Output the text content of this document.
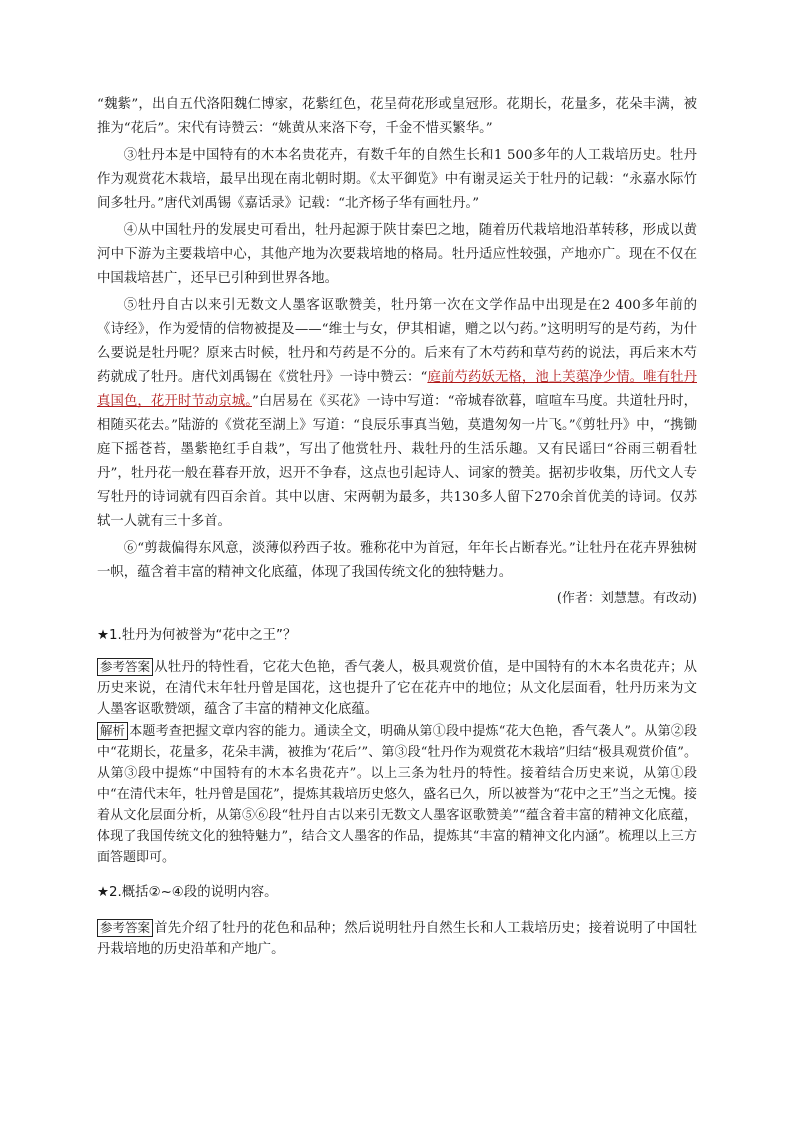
“魏紫”，出自五代洛阳魏仁博家，花紫红色，花呈荷花形或皇冠形。花期长，花量多，花朵丰满，被推为“花后”。宋代有诗赞云：“姚黄从来洛下夸，千金不惜买繁华。”

③牡丹本是中国特有的木本名贵花卉，有数千年的自然生长和1 500多年的人工栽培历史。牡丹作为观赏花木栽培，最早出现在南北朝时期。《太平御览》中有谢灵运关于牡丹的记载：“永嘉水际竹间多牡丹。”唐代刘禹锡《嘉话录》记载：“北齐杨子华有画牡丹。”

④从中国牡丹的发展史可看出，牡丹起源于陕甘秦巴之地，随着历代栽培地沿革转移，形成以黄河中下游为主要栽培中心，其他产地为次要栽培地的格局。牡丹适应性较强，产地亦广。现在不仅在中国栽培甚广，还早已引种到世界各地。

⑤牡丹自古以来引无数文人墨客讴歌赞美，牡丹第一次在文学作品中出现是在2 400多年前的《诗经》，作为爱情的信物被提及——“维士与女，伊其相谑，赠之以勺药。”这明明写的是芍药，为什么要说是牡丹呢？原来古时候，牡丹和芍药是不分的。后来有了木芍药和草芍药的说法，再后来木芍药就成了牡丹。唐代刘禹锡在《赏牡丹》一诗中赞云：“庭前芍药妖无格，池上芙蕖净少情。唯有牡丹真国色，花开时节动京城。”白居易在《买花》一诗中写道：“帝城春欲暮，喧喧车马度。共道牡丹时，相随买花去。”陆游的《赏花至湖上》写道：“良辰乐事真当勉，莫遣匆匆一片飞。”《剪牡丹》中，“携锄庭下摇苍苔，墨紫艳红手自栽”，写出了他赏牡丹、栽牡丹的生活乐趣。又有民谣曰“谷雨三朝看牡丹”，牡丹花一般在暮春开放，迟开不争春，这点也引起诗人、词家的赞美。据初步收集，历代文人专写牡丹的诗词就有四百余首。其中以唐、宋两朝为最多，共130多人留下270余首优美的诗词。仅苏轼一人就有三十多首。

⑥“剪裁偏得东风意，淡薄似矜西子妆。雅称花中为首冠，年年长占断春光。”让牡丹在花卉界独树一帜，蕴含着丰富的精神文化底蕴，体现了我国传统文化的独特魅力。

(作者：刘慧慧。有改动)

★1.牡丹为何被誉为“花中之王”？

参考答案 从牡丹的特性看，它花大色艳，香气袭人，极具观赏价值，是中国特有的木本名贵花卉；从历史来说，在清代末年牡丹曾是国花，这也提升了它在花卉中的地位；从文化层面看，牡丹历来为文人墨客讴歌赞颂，蕴含了丰富的精神文化底蕴。

解析 本题考查把握文章内容的能力。通读全文，明确从第①段中提炼“花大色艳，香气袭人”。从第②段中“花期长，花量多，花朵丰满，被推为‘花后’”、第③段“牡丹作为观赏花木栽培”归结“极具观赏价值”。从第③段中提炼“中国特有的木本名贵花卉”。以上三条为牡丹的特性。接着结合历史来说，从第①段中“在清代末年，牡丹曾是国花”，提炼其栽培历史悠久，盛名已久，所以被誉为“花中之王”当之无愧。接着从文化层面分析，从第⑤⑥段“牡丹自古以来引无数文人墨客讴歌赞美”“蕴含着丰富的精神文化底蕴，体现了我国传统文化的独特魅力”，结合文人墨客的作品，提炼其“丰富的精神文化内涵”。梳理以上三方面答题即可。

★2.概括②~④段的说明内容。

参考答案 首先介绍了牡丹的花色和品种；然后说明牡丹自然生长和人工栽培历史；接着说明了中国牡丹栽培地的历史沿革和产地广。
